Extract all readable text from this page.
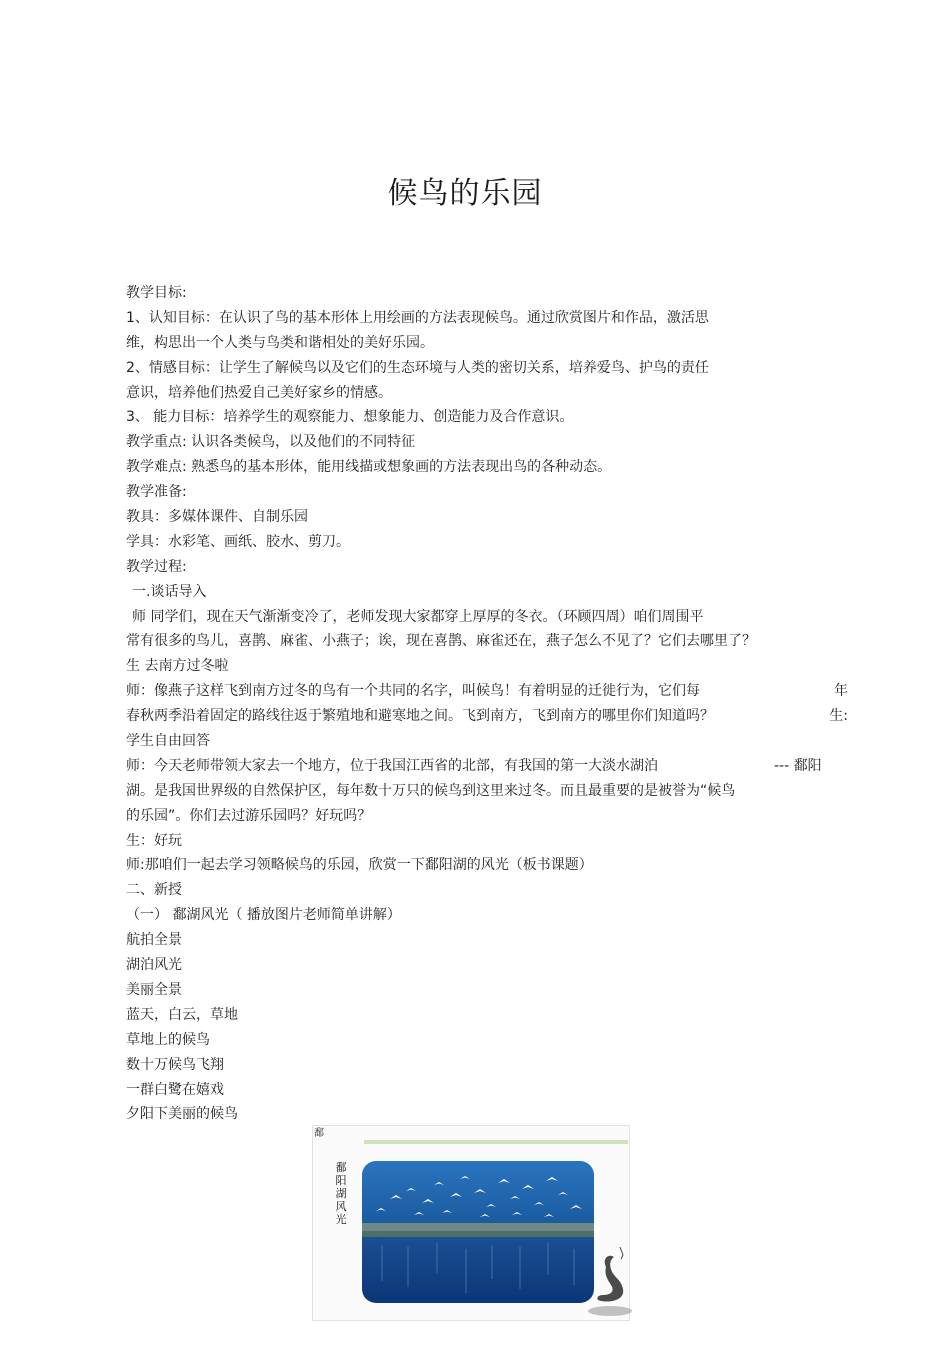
候鸟的乐园
教学目标:
1、认知目标：在认识了鸟的基本形体上用绘画的方法表现候鸟。通过欣赏图片和作品，激活思
维，构思出一个人类与鸟类和谐相处的美好乐园。
2、情感目标：让学生了解候鸟以及它们的生态环境与人类的密切关系，培养爱鸟、护鸟的责任
意识，培养他们热爱自己美好家乡的情感。
3、 能力目标：培养学生的观察能力、想象能力、创造能力及合作意识。
教学重点: 认识各类候鸟，以及他们的不同特征
教学难点: 熟悉鸟的基本形体，能用线描或想象画的方法表现出鸟的各种动态。
教学准备:
教具：多媒体课件、自制乐园
学具：水彩笔、画纸、胶水、剪刀。
教学过程:
一.谈话导入
师 同学们，现在天气渐渐变冷了，老师发现大家都穿上厚厚的冬衣。（环顾四周）咱们周围平
常有很多的鸟儿，喜鹊、麻雀、小燕子；诶，现在喜鹊、麻雀还在，燕子怎么不见了？它们去哪里了？
生 去南方过冬啦
师：像燕子这样飞到南方过冬的鸟有一个共同的名字，叫候鸟！有着明显的迁徙行为，它们每	年
春秋两季沿着固定的路线往返于繁殖地和避寒地之间。飞到南方，飞到南方的哪里你们知道吗？	生:
学生自由回答
师：今天老师带领大家去一个地方，位于我国江西省的北部，有我国的第一大淡水湖泊	--- 鄱阳
湖。是我国世界级的自然保护区，每年数十万只的候鸟到这里来过冬。而且最重要的是被誉为“候鸟
的乐园”。你们去过游乐园吗？好玩吗？
生：好玩
师:那咱们一起去学习领略候鸟的乐园，欣赏一下鄱阳湖的风光（板书课题）
二、新授
（一） 鄱湖风光（ 播放图片老师简单讲解）
航拍全景
湖泊风光
美丽全景
蓝天，白云，草地
草地上的候鸟
数十万候鸟飞翔
一群白鹭在嬉戏
夕阳下美丽的候鸟
鄱
鄱阳湖风光
